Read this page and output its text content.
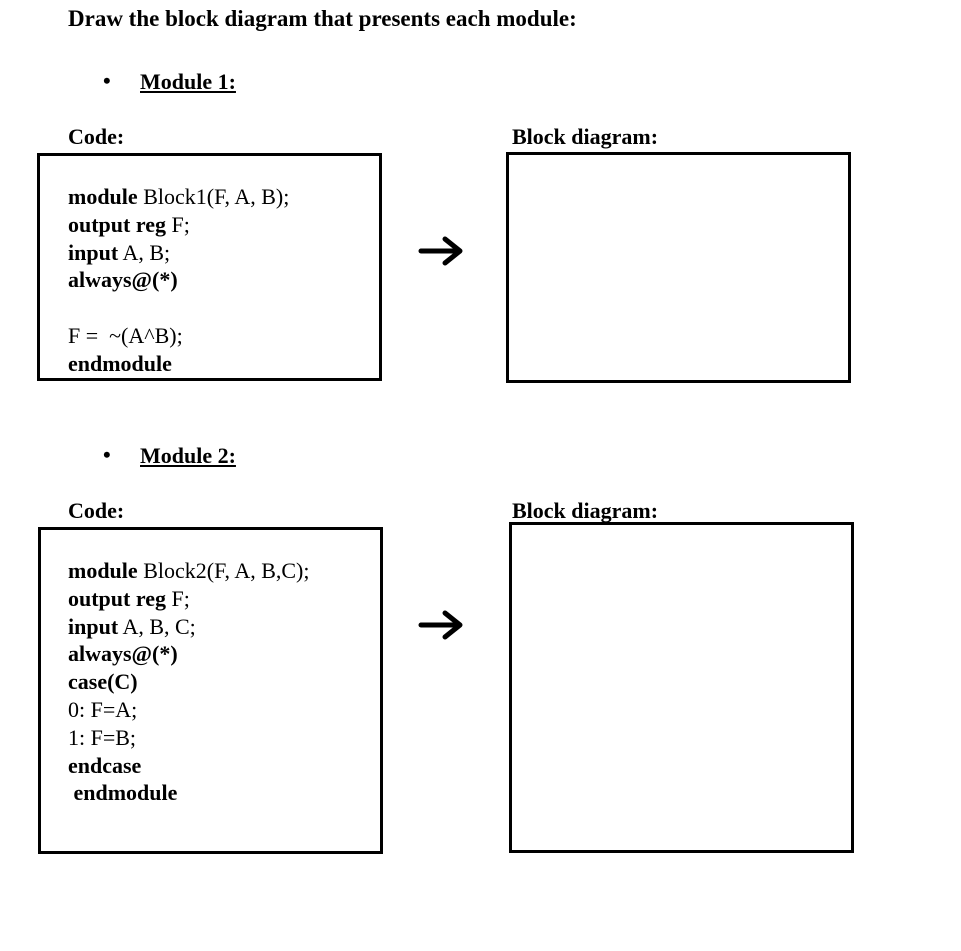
Draw the block diagram that presents each module:
• Module 1:
Code:	Block diagram:
module Block1(F, A, B);
output reg F;
input A, B;
always@(*)
F =  ~(A^B);
endmodule
• Module 2:
Code:
module Block2(F, A, B,C);
output reg F;
input A, B, C;
always@(*)
case(C)
0: F=A;
1: F=B;
endcase
endmodule
Block diagram:
